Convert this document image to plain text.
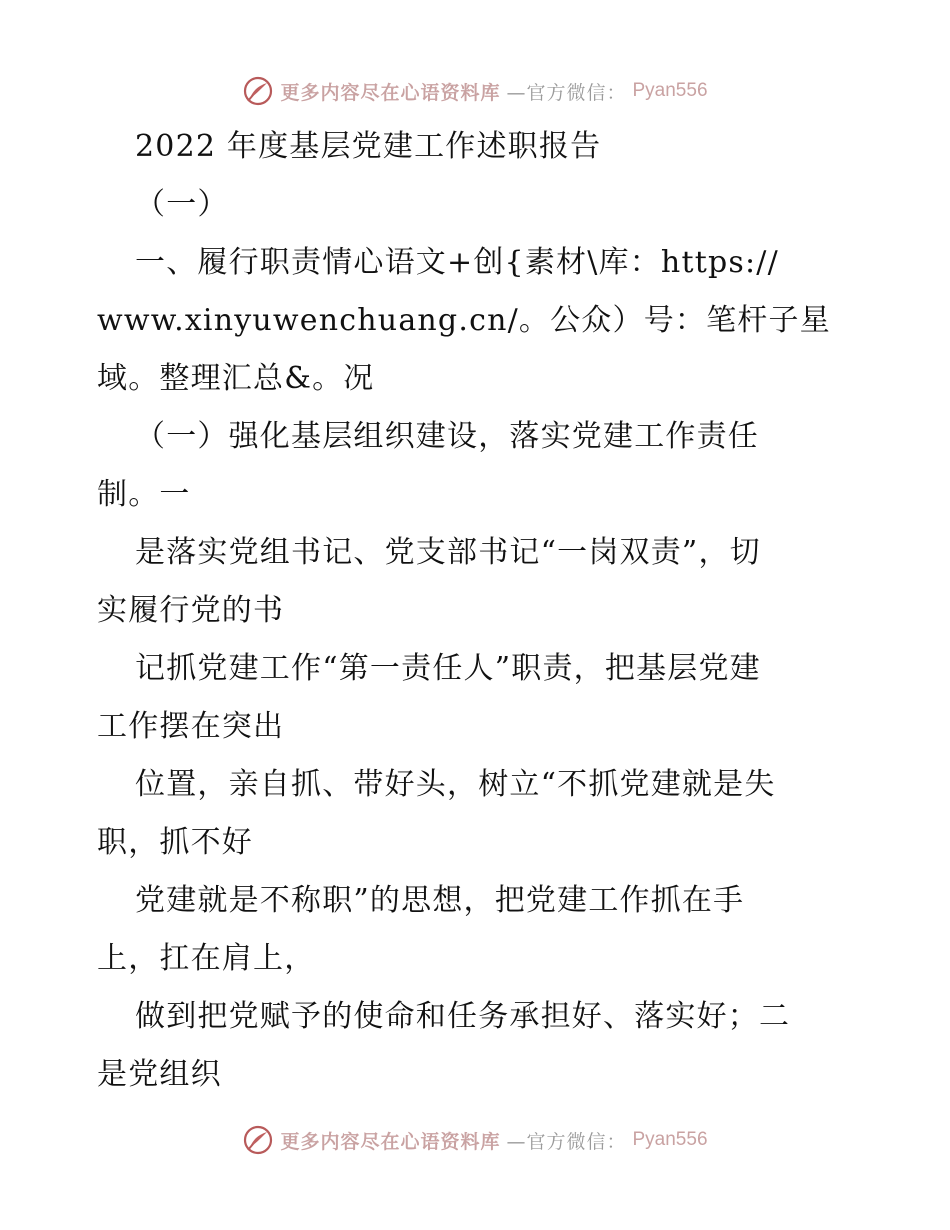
更多内容尽在心语资料库 —官方微信： Pyan556
2022 年度基层党建工作述职报告
（一）
一、履行职责情心语文+创{素材\库：https://
www.xinyuwenchuang.cn/。公众）号：笔杆子星
域。整理汇总&。况
（一）强化基层组织建设，落实党建工作责任
制。一
是落实党组书记、党支部书记“一岗双责”，切
实履行党的书
记抓党建工作“第一责任人”职责，把基层党建
工作摆在突出
位置，亲自抓、带好头，树立“不抓党建就是失
职，抓不好
党建就是不称职”的思想，把党建工作抓在手
上，扛在肩上，
做到把党赋予的使命和任务承担好、落实好；二
是党组织
更多内容尽在心语资料库 —官方微信： Pyan556
